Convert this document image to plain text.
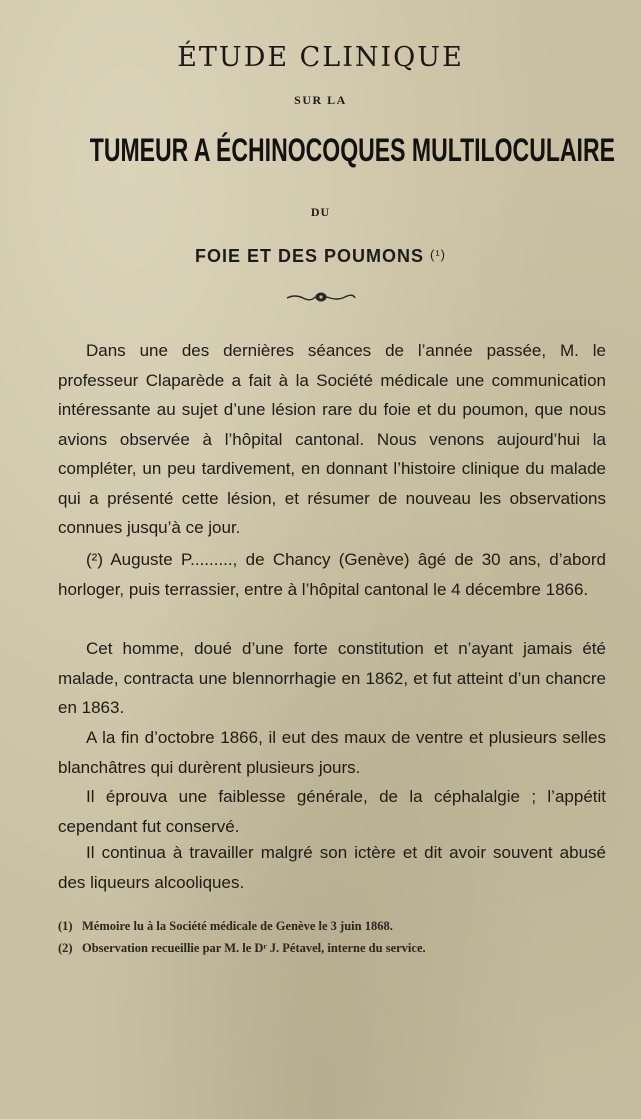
ÉTUDE CLINIQUE
SUR LA
TUMEUR A ÉCHINOCOQUES MULTILOCULAIRE
DU
FOIE ET DES POUMONS (¹)

Dans une des dernières séances de l’année passée, M. le professeur Claparède a fait à la Société médicale une communication intéressante au sujet d’une lésion rare du foie et du poumon, que nous avions observée à l’hôpital cantonal. Nous venons aujourd’hui la compléter, un peu tardivement, en donnant l’histoire clinique du malade qui a présenté cette lésion, et résumer de nouveau les observations connues jusqu’à ce jour.

(²) Auguste P........., de Chancy (Genève) âgé de 30 ans, d’abord horloger, puis terrassier, entre à l’hôpital cantonal le 4 décembre 1866.

Cet homme, doué d’une forte constitution et n’ayant jamais été malade, contracta une blennorrhagie en 1862, et fut atteint d’un chancre en 1863.

A la fin d’octobre 1866, il eut des maux de ventre et plusieurs selles blanchâtres qui durèrent plusieurs jours.

Il éprouva une faiblesse générale, de la céphalalgie ; l’appétit cependant fut conservé.

Il continua à travailler malgré son ictère et dit avoir souvent abusé des liqueurs alcooliques.

(1) Mémoire lu à la Société médicale de Genève le 3 juin 1868.
(2) Observation recueillie par M. le Dʳ J. Pétavel, interne du service.
